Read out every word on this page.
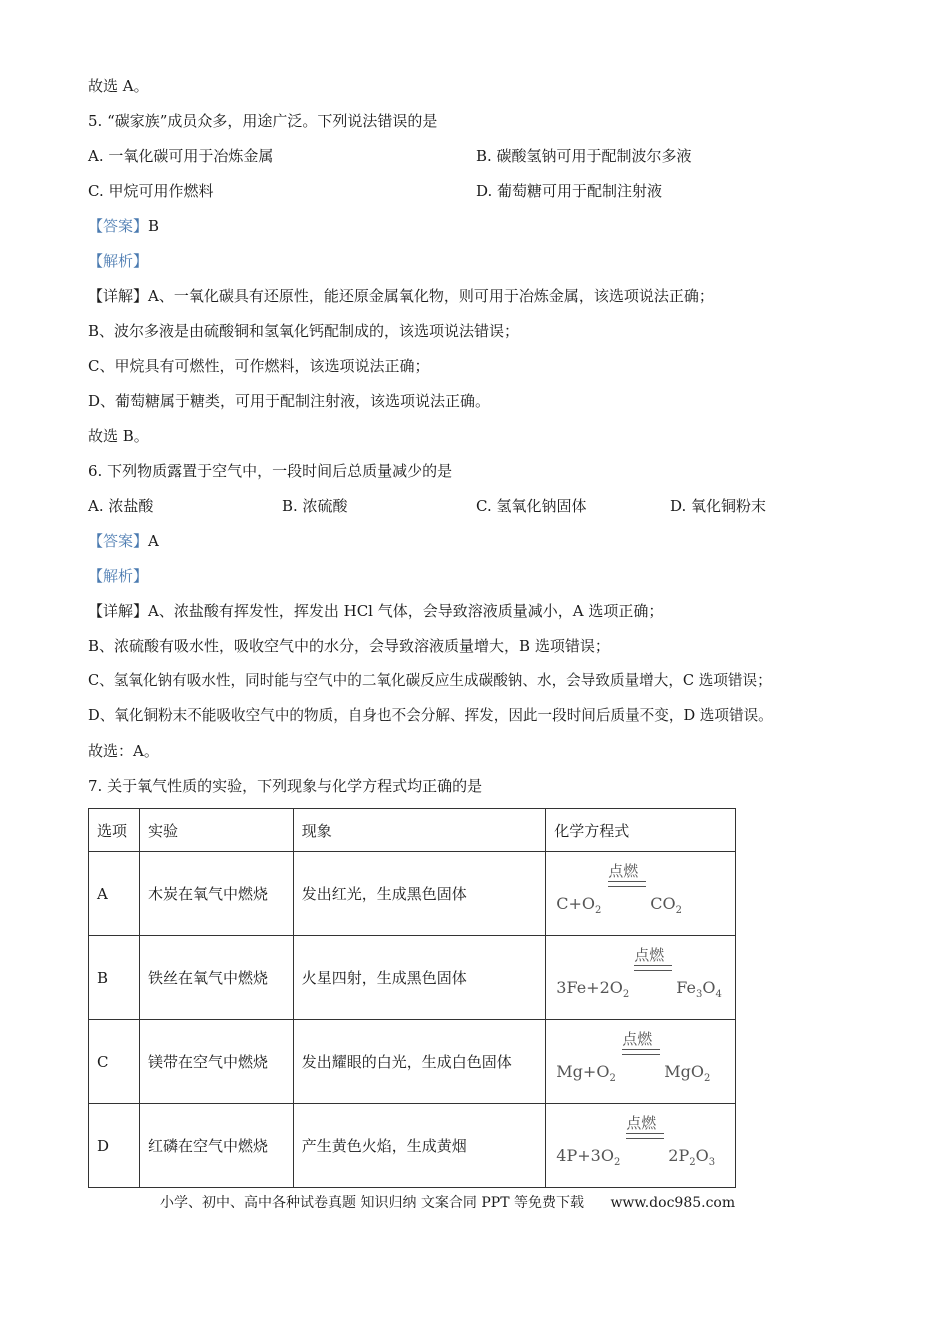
故选 A。
5. “碳家族”成员众多，用途广泛。下列说法错误的是
A. 一氧化碳可用于冶炼金属	B. 碳酸氢钠可用于配制波尔多液
C. 甲烷可用作燃料	D. 葡萄糖可用于配制注射液
【答案】B
【解析】
【详解】A、一氧化碳具有还原性，能还原金属氧化物，则可用于冶炼金属，该选项说法正确；
B、波尔多液是由硫酸铜和氢氧化钙配制成的，该选项说法错误；
C、甲烷具有可燃性，可作燃料，该选项说法正确；
D、葡萄糖属于糖类，可用于配制注射液，该选项说法正确。
故选 B。
6. 下列物质露置于空气中，一段时间后总质量减少的是
A. 浓盐酸	B. 浓硫酸	C. 氢氧化钠固体	D. 氧化铜粉末
【答案】A
【解析】
【详解】A、浓盐酸有挥发性，挥发出 HCl 气体，会导致溶液质量减小，A 选项正确；
B、浓硫酸有吸水性，吸收空气中的水分，会导致溶液质量增大，B 选项错误；
C、氢氧化钠有吸水性，同时能与空气中的二氧化碳反应生成碳酸钠、水，会导致质量增大，C 选项错误；
D、氧化铜粉末不能吸收空气中的物质，自身也不会分解、挥发，因此一段时间后质量不变，D 选项错误。
故选：A。
7. 关于氧气性质的实验，下列现象与化学方程式均正确的是
选项	实验	现象	化学方程式
A	木炭在氧气中燃烧	发出红光，生成黑色固体	点燃
$C+O_2$ $CO_2$

B	铁丝在氧气中燃烧	火星四射，生成黑色固体	点燃
$3Fe+2O_2$ $Fe_3O_4$

C	镁带在空气中燃烧	发出耀眼的白光，生成白色固体	点燃
$Mg+O_2$ MgO$_2$

D	红磷在空气中燃烧	产生黄色火焰，生成黄烟	点燃
$4P+3O_2$ $2P_2O_3$
小学、初中、高中各种试卷真题 知识归纳 文案合同 PPT 等免费下载 www.doc985.com
